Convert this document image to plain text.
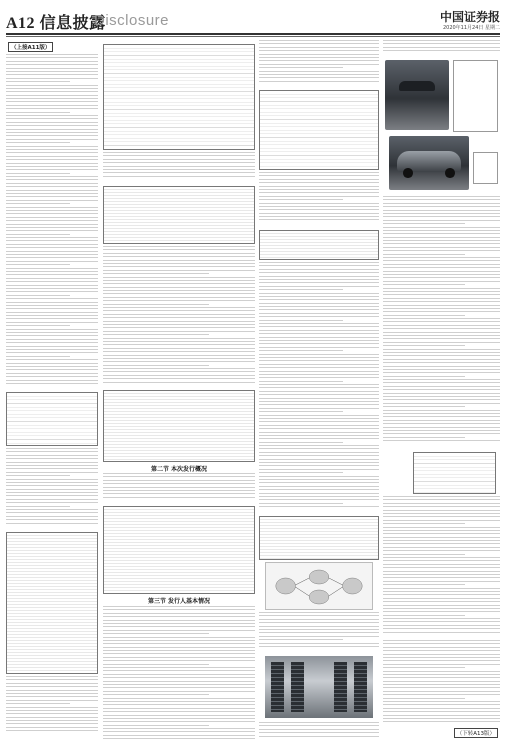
A12 信息披露
Disclosure	中国证券报
2020年11月24日 星期二
（上接A11版）
第二节 本次发行概况
第三节 发行人基本情况
（下转A13版）
